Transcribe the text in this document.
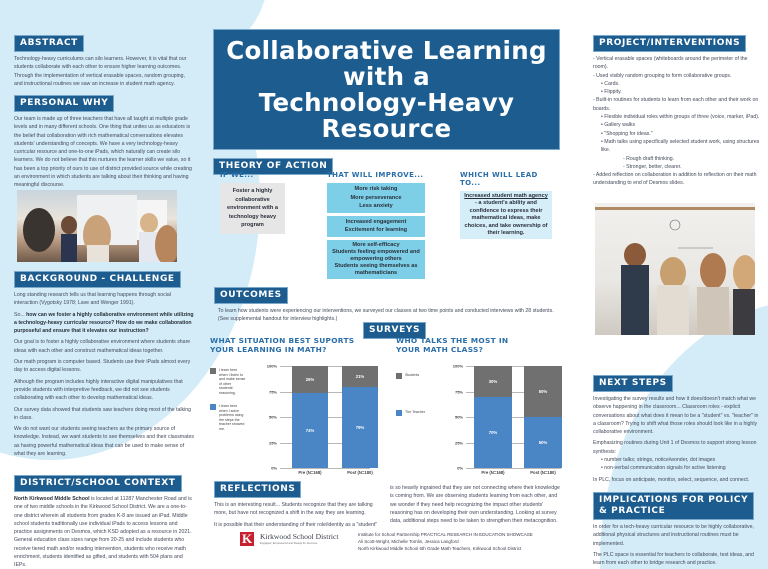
ABSTRACT
Technology-heavy curriculums can silo learners. However, it is vital that our students collaborate with each other to ensure higher learning outcomes. Through the implementation of vertical erasable spaces, random grouping, and instructional routines we saw an increase in student math agency.
PERSONAL WHY
Our team is made up of three teachers that have all taught at multiple grade levels and in many different schools. One thing that unites us as educators is the belief that collaboration with rich mathematical conversations elevates students' understanding of concepts. We have a very technology-heavy curricular resource and one-to-one iPads, which naturally can create silo learners. We do not believe that this nurtures the learner skills we value, so it has been a top priority of ours to use of district provided source while creating an environment in which students are talking about their thinking and having meaningful discourse.
BACKGROUND - CHALLENGE
Long standing research tells us that learning happens through social interaction (Vygotsky 1978; Lave and Wenger 1991).
So... how can we foster a highly collaborative environment while utilizing a technology-heavy curricular resource? How do we make collaboration purposeful and ensure that it elevates our instruction?
Our goal is to foster a highly collaborative environment where students share ideas with each other and construct mathematical ideas together.
Our math program is computer based. Students use their iPads almost every day to access digital lessons.
Although the program includes highly interactive digital manipulatives that provide students with interpretive feedback, we did not see students collaborating with each other to develop mathematical ideas.
Our survey data showed that students saw teachers doing most of the talking in class.
We do not want our students seeing teachers as the primary source of knowledge. Instead, we want students to see themselves and their classmates as having powerful mathematical ideas that can be used to make sense of what they are learning.
DISTRICT/SCHOOL CONTEXT
North Kirkwood Middle School is located at 11287 Manchester Road and is one of two middle schools in the Kirkwood School District. We are a one-to-one district wherein all students from grades K-8 are issued an iPad. Middle school students traditionally use individual iPads to access lessons and practice assignments on Desmos, which KSD adopted as a resource in 2021. General education class sizes range from 20-25 and include students who receive tiered math and/or reading intervention, students who receive math enrichment, students identified as gifted, and students with 504 plans and IEPs.
Collaborative Learning
with a
Technology-Heavy
Resource
THEORY OF ACTION
IF WE...
Foster a highly collaborative environment with a technology heavy program
THAT WILL IMPROVE...
More risk taking
More perseverance
Less anxiety
Increased engagement
Excitement for learning
More self-efficacy
Students feeling empowered and empowering others
Students seeing themselves as mathematicians
WHICH WILL LEAD TO...
Increased student math agency - a student's ability and confidence to express their mathematical ideas, make choices, and take ownership of their learning.
OUTCOMES
To learn how students were experiencing our interventions, we surveyed our classes at two time points and conducted interviews with 28 students. (See supplemental handout for interview highlights.)
SURVEYS
WHAT SITUATION BEST SUPORTS YOUR LEARNING IN MATH?
I learn best when I listen to and make sense of other students' reasoning.
I learn best when I solve problems using the steps the teacher showed me.
100%
75%
50%
25%
0%
26%
74%
21%
79%
Pre (N=168)	Post (N=180)
WHO TALKS THE MOST IN YOUR MATH CLASS?
Students
The Teacher
100%
75%
50%
25%
0%
30%
70%
50%
50%
Pre (N=168)	Post (N=180)
REFLECTIONS
This is an interesting result... Students recognize that they are talking more, but have not recognized a shift in the way they are learning.
It is possible that their understanding of their role/identity as a "student"
is so heavily ingrained that they are not connecting where their knowledge is coming from. We are observing students learning from each other, and we wonder if they need help recognizing the impact other students' reasoning has on developing their own understanding. Looking at survey data, additional steps need to be taken to strengthen their metacognition.
K Kirkwood School District
Engaged, Empowered and Ready for Success
Institute for School Partnership PRACTICAL RESEARCH IN EDUCATION SHOWCASE
Ali Scott-Wright, Michelle Tomlin, Jessica Langford
North Kirkwood Middle School 6th Grade Math Teachers, Kirkwood School District
PROJECT/INTERVENTIONS
- Vertical erasable spaces (whiteboards around the perimeter of the room).
- Used visibly random grouping to form collaborative groups.
• Cards.
• Flippity.
- Built-in routines for students to learn from each other and their work on boards.
• Flexible individual roles within groups of three (voice, marker, iPad).
• Gallery walks
• "Shopping for ideas."
• Math talks using specifically selected student work, using structures like.
- Rough draft thinking.
- Stronger, better, clearer.
- Added reflection on collaboration in addition to reflection on their math understanding to end of Desmos slides.
NEXT STEPS
Investigating the survey results and how it does/doesn't match what we observe happening in the classroom... Classroom roles - explicit conversations about what does it mean to be a "student" vs. "teacher" in a classroom? Trying to shift what those roles should look like in a highly collaborative environment.
Emphasizing routines during Unit 1 of Desmos to support strong lesson synthesis:
• number talks; strings, notice/wonder, dot images
• non-verbal communication signals for active listening
In PLC, focus on anticipate, monitor, select, sequence, and connect.
IMPLICATIONS FOR POLICY
& PRACTICE
In order for a tech-heavy curricular resource to be highly collaborative, additional physical structures and instructional routines must be implemented.
The PLC space is essential for teachers to collaborate, test ideas, and learn from each other to bridge research and practice.
